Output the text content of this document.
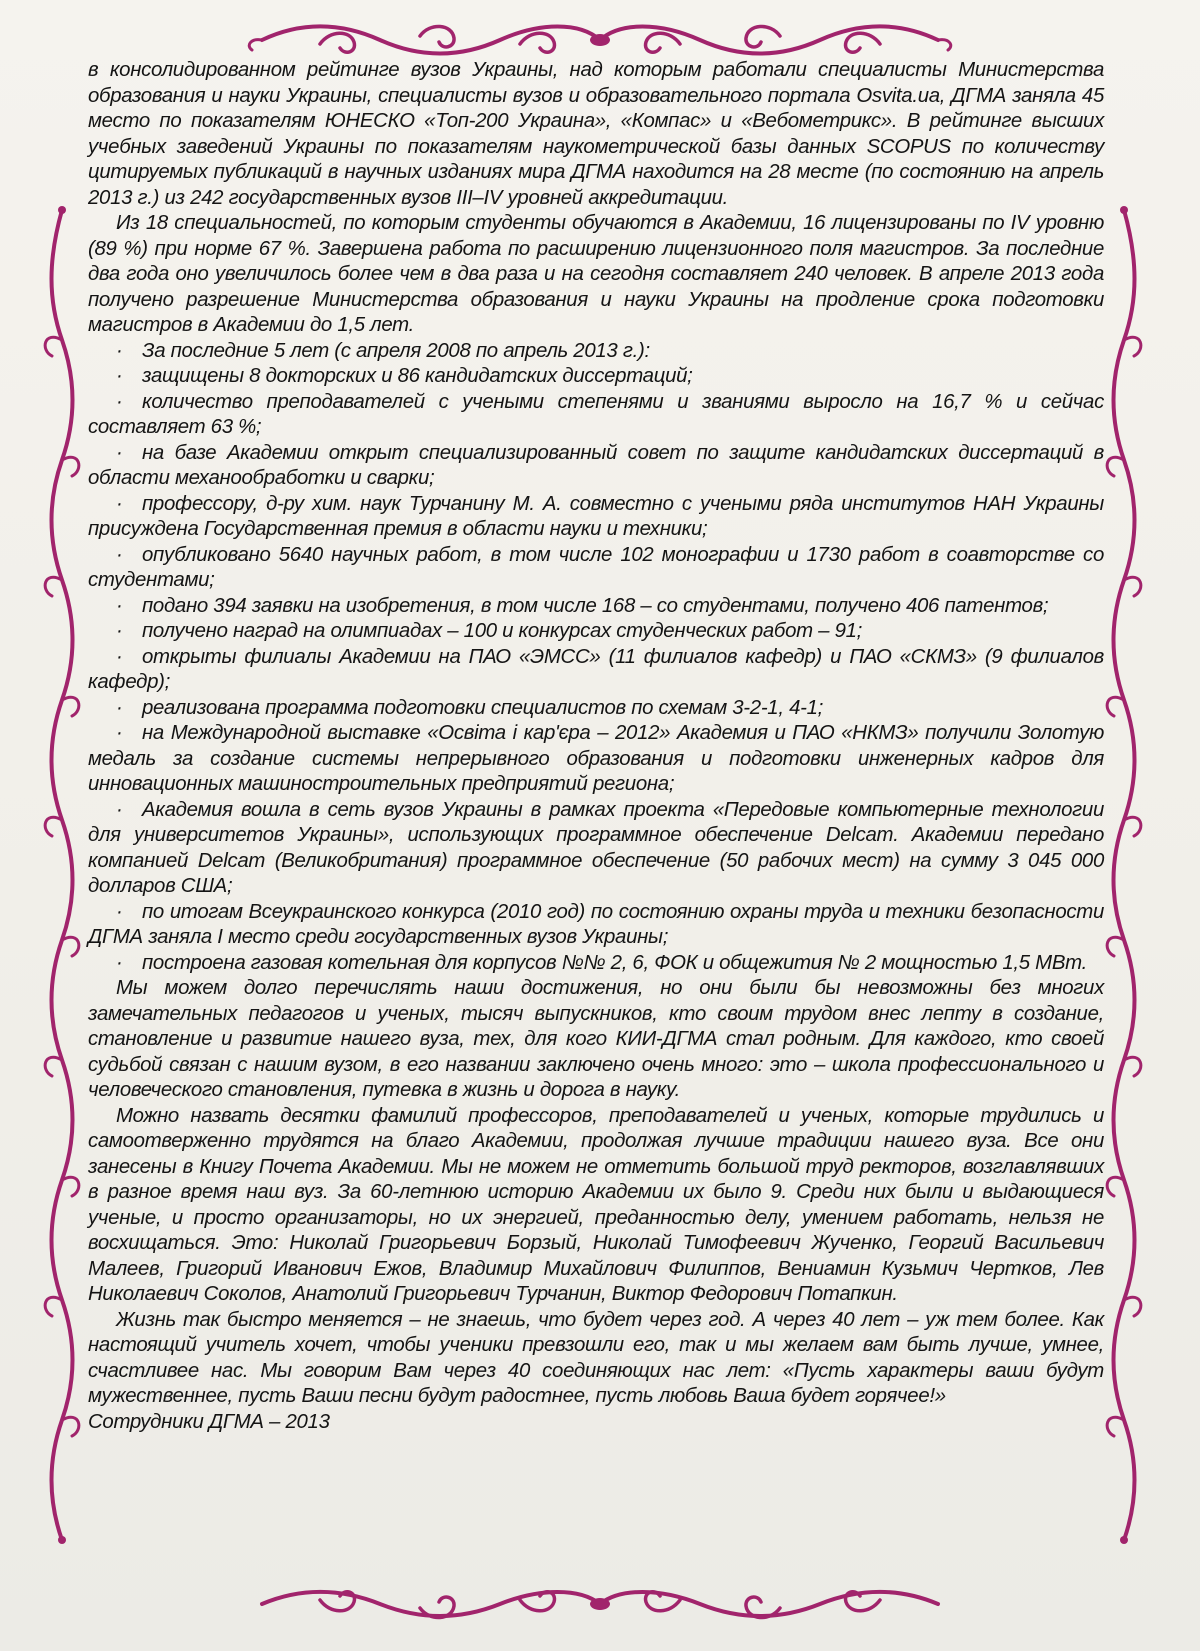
в консолидированном рейтинге вузов Украины, над которым работали специалисты Министерства образования и науки Украины, специалисты вузов и образовательного портала Osvita.ua, ДГМА заняла 45 место по показателям ЮНЕСКО «Топ-200 Украина», «Компас» и «Вебометрикс». В рейтинге высших учебных заведений Украины по показателям наукометрической базы данных SCOPUS по количеству цитируемых публикаций в научных изданиях мира ДГМА находится на 28 месте (по состоянию на апрель 2013 г.) из 242 государственных вузов III–IV уровней аккредитации.

Из 18 специальностей, по которым студенты обучаются в Академии, 16 лицензированы по IV уровню (89 %) при норме 67 %. Завершена работа по расширению лицензионного поля магистров. За последние два года оно увеличилось более чем в два раза и на сегодня составляет 240 человек. В апреле 2013 года получено разрешение Министерства образования и науки Украины на продление срока подготовки магистров в Академии до 1,5 лет.

· За последние 5 лет (с апреля 2008 по апрель 2013 г.):

· защищены 8 докторских и 86 кандидатских диссертаций;

· количество преподавателей с учеными степенями и званиями выросло на 16,7 % и сейчас составляет 63 %;

· на базе Академии открыт специализированный совет по защите кандидатских диссертаций в области механообработки и сварки;

· профессору, д-ру хим. наук Турчанину М. А. совместно с учеными ряда институтов НАН Украины присуждена Государственная премия в области науки и техники;

· опубликовано 5640 научных работ, в том числе 102 монографии и 1730 работ в соавторстве со студентами;

· подано 394 заявки на изобретения, в том числе 168 – со студентами, получено 406 патентов;

· получено наград на олимпиадах – 100 и конкурсах студенческих работ – 91;

· открыты филиалы Академии на ПАО «ЭМСС» (11 филиалов кафедр) и ПАО «СКМЗ» (9 филиалов кафедр);

· реализована программа подготовки специалистов по схемам 3-2-1, 4-1;

· на Международной выставке «Освіта і кар'єра – 2012» Академия и ПАО «НКМЗ» получили Золотую медаль за создание системы непрерывного образования и подготовки инженерных кадров для инновационных машиностроительных предприятий региона;

· Академия вошла в сеть вузов Украины в рамках проекта «Передовые компьютерные технологии для университетов Украины», использующих программное обеспечение Delcam. Академии передано компанией Delcam (Великобритания) программное обеспечение (50 рабочих мест) на сумму 3 045 000 долларов США;

· по итогам Всеукраинского конкурса (2010 год) по состоянию охраны труда и техники безопасности ДГМА заняла I место среди государственных вузов Украины;

· построена газовая котельная для корпусов №№ 2, 6, ФОК и общежития № 2 мощностью 1,5 МВт.

Мы можем долго перечислять наши достижения, но они были бы невозможны без многих замечательных педагогов и ученых, тысяч выпускников, кто своим трудом внес лепту в создание, становление и развитие нашего вуза, тех, для кого КИИ-ДГМА стал родным. Для каждого, кто своей судьбой связан с нашим вузом, в его названии заключено очень много: это – школа профессионального и человеческого становления, путевка в жизнь и дорога в науку.

Можно назвать десятки фамилий профессоров, преподавателей и ученых, которые трудились и самоотверженно трудятся на благо Академии, продолжая лучшие традиции нашего вуза. Все они занесены в Книгу Почета Академии. Мы не можем не отметить большой труд ректоров, возглавлявших в разное время наш вуз. За 60-летнюю историю Академии их было 9. Среди них были и выдающиеся ученые, и просто организаторы, но их энергией, преданностью делу, умением работать, нельзя не восхищаться. Это: Николай Григорьевич Борзый, Николай Тимофеевич Жученко, Георгий Васильевич Малеев, Григорий Иванович Ежов, Владимир Михайлович Филиппов, Вениамин Кузьмич Чертков, Лев Николаевич Соколов, Анатолий Григорьевич Турчанин, Виктор Федорович Потапкин.

Жизнь так быстро меняется – не знаешь, что будет через год. А через 40 лет – уж тем более. Как настоящий учитель хочет, чтобы ученики превзошли его, так и мы желаем вам быть лучше, умнее, счастливее нас. Мы говорим Вам через 40 соединяющих нас лет: «Пусть характеры ваши будут мужественнее, пусть Ваши песни будут радостнее, пусть любовь Ваша будет горячее!»

Сотрудники ДГМА – 2013
